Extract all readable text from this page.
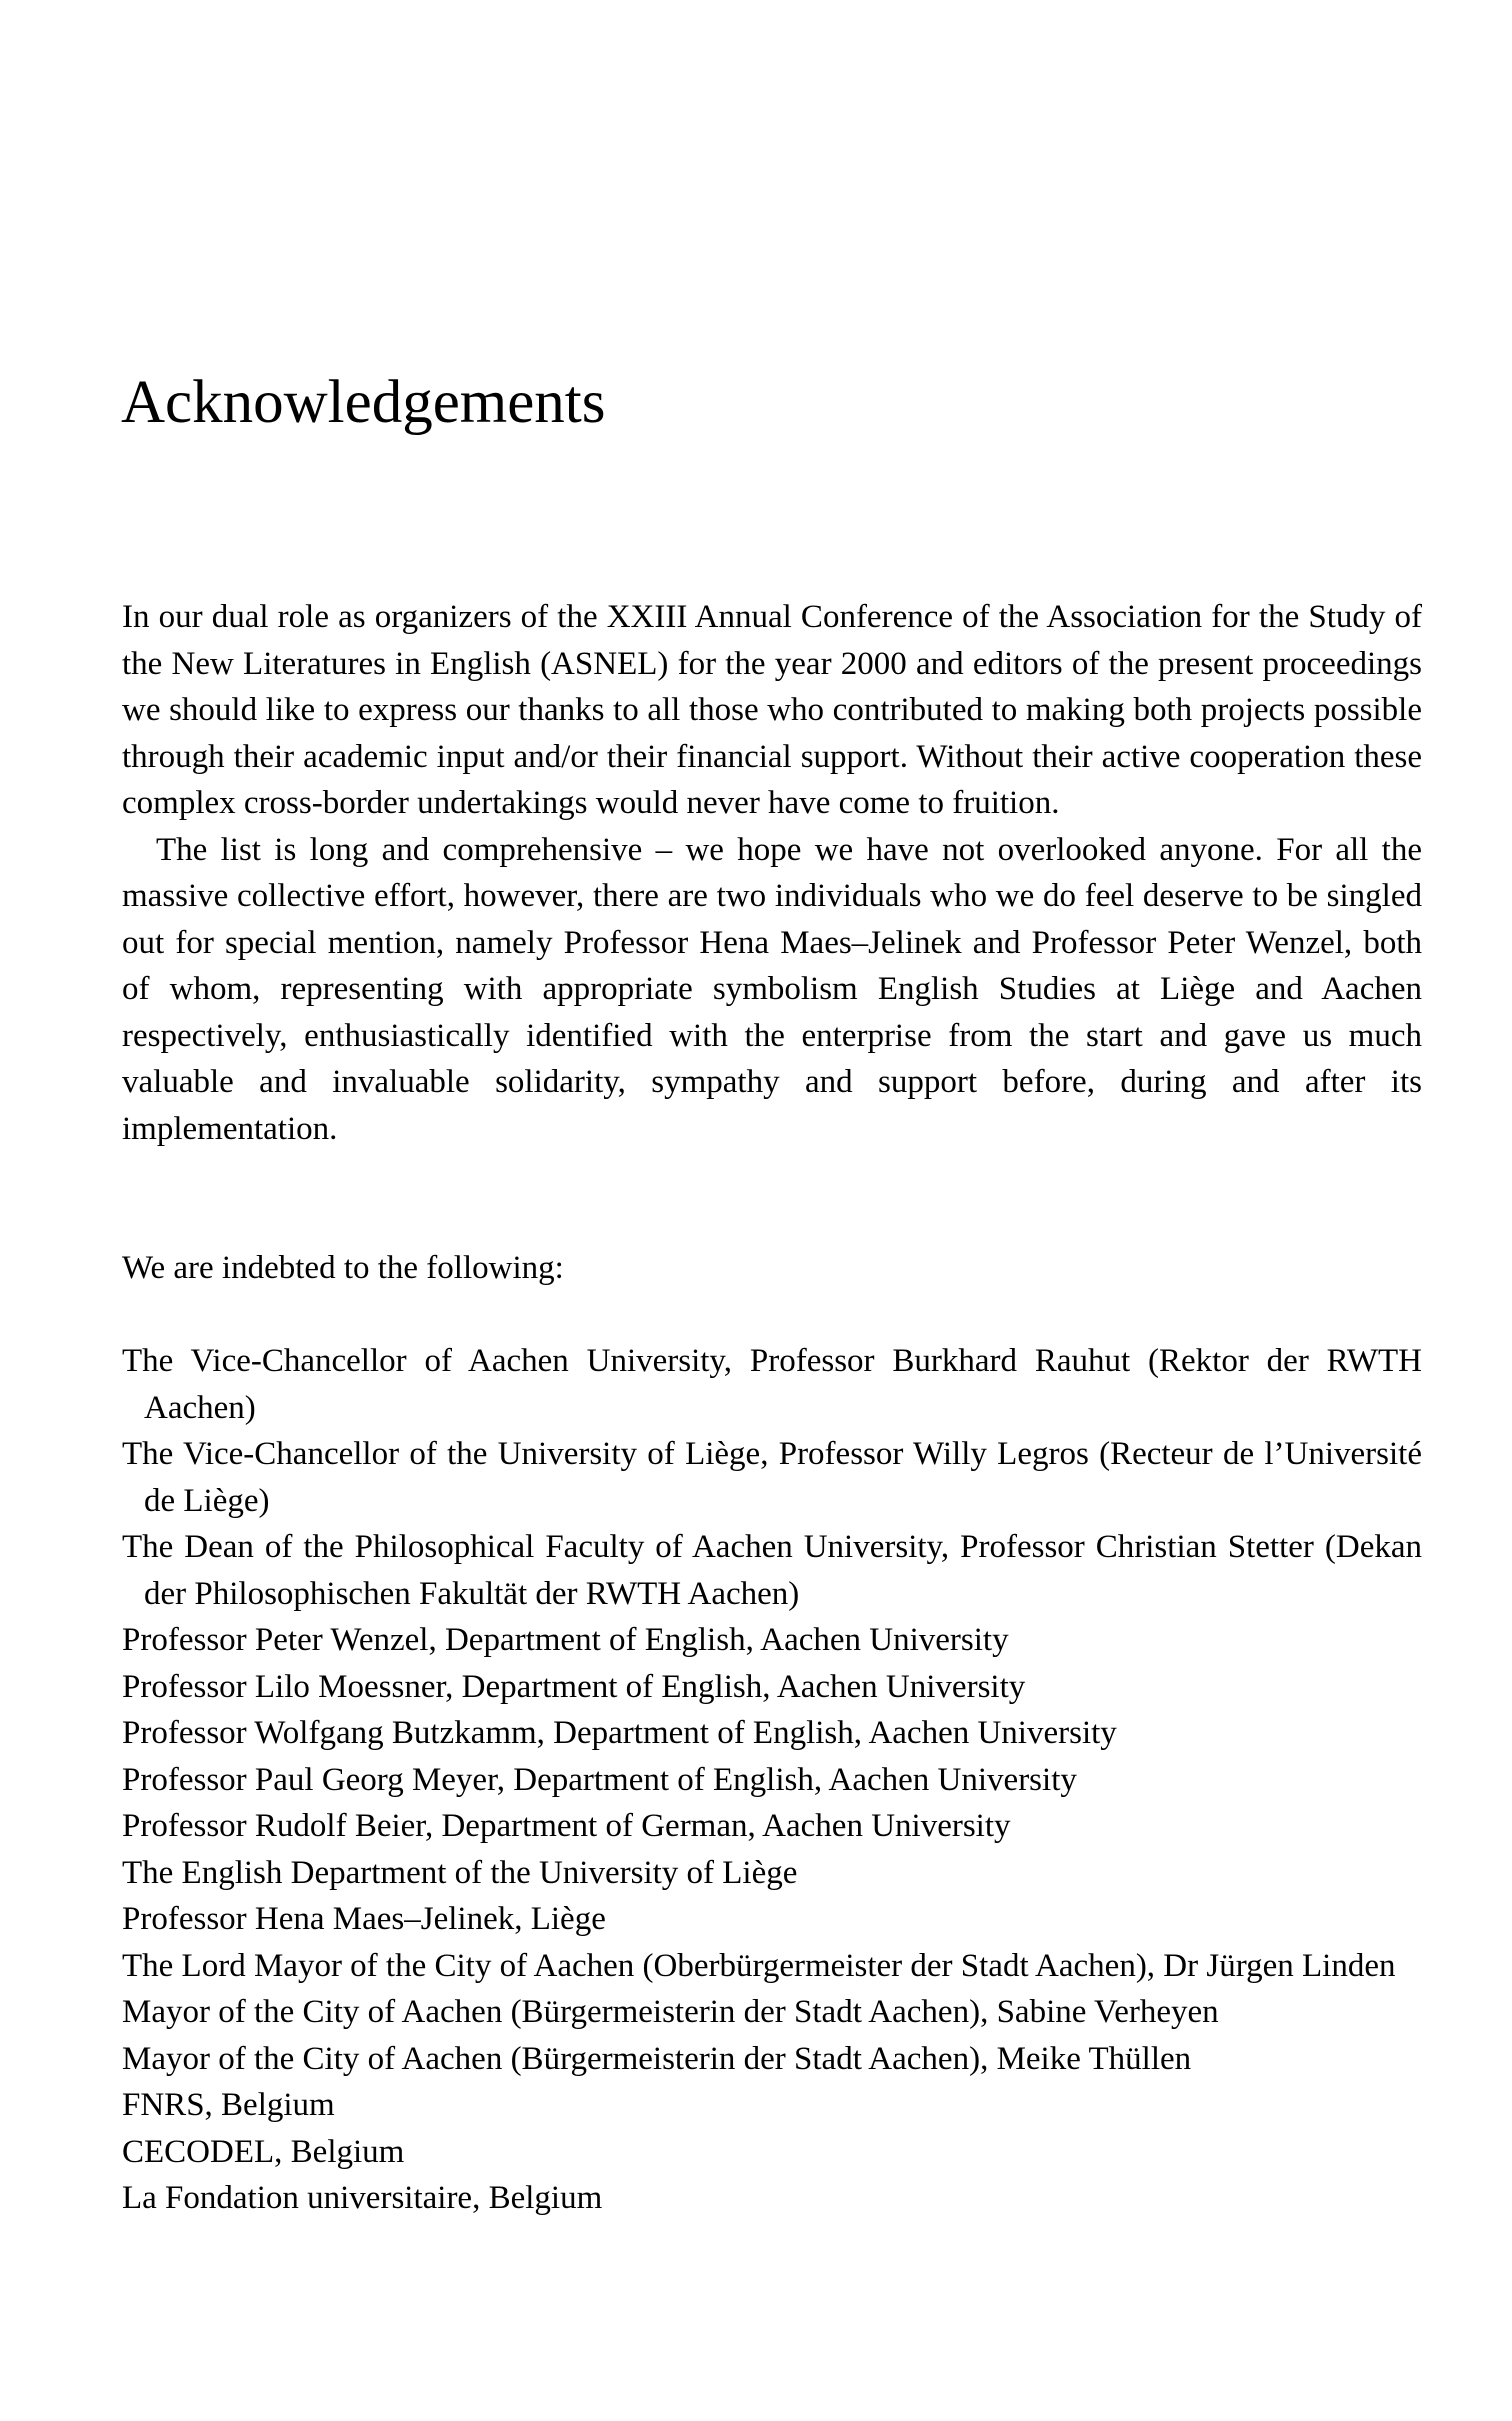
Acknowledgements

In our dual role as organizers of the XXIII Annual Conference of the Association for the Study of the New Literatures in English (ASNEL) for the year 2000 and editors of the present proceedings we should like to express our thanks to all those who contributed to making both projects possible through their academic input and/or their financial support. Without their active cooperation these complex cross-border undertakings would never have come to fruition.

The list is long and comprehensive – we hope we have not overlooked anyone. For all the massive collective effort, however, there are two individuals who we do feel deserve to be singled out for special mention, namely Professor Hena Maes–Jelinek and Professor Peter Wenzel, both of whom, representing with appropriate symbolism English Studies at Liège and Aachen respectively, enthusiastically identified with the enterprise from the start and gave us much valuable and invaluable solidarity, sympathy and support before, during and after its implementation.

We are indebted to the following:

The Vice-Chancellor of Aachen University, Professor Burkhard Rauhut (Rektor der RWTH Aachen)
The Vice-Chancellor of the University of Liège, Professor Willy Legros (Recteur de l’Université de Liège)
The Dean of the Philosophical Faculty of Aachen University, Professor Christian Stetter (Dekan der Philosophischen Fakultät der RWTH Aachen)
Professor Peter Wenzel, Department of English, Aachen University
Professor Lilo Moessner, Department of English, Aachen University
Professor Wolfgang Butzkamm, Department of English, Aachen University
Professor Paul Georg Meyer, Department of English, Aachen University
Professor Rudolf Beier, Department of German, Aachen University
The English Department of the University of Liège
Professor Hena Maes–Jelinek, Liège
The Lord Mayor of the City of Aachen (Oberbürgermeister der Stadt Aachen), Dr Jürgen Linden
Mayor of the City of Aachen (Bürgermeisterin der Stadt Aachen), Sabine Verheyen
Mayor of the City of Aachen (Bürgermeisterin der Stadt Aachen), Meike Thüllen
FNRS, Belgium
CECODEL, Belgium
La Fondation universitaire, Belgium
